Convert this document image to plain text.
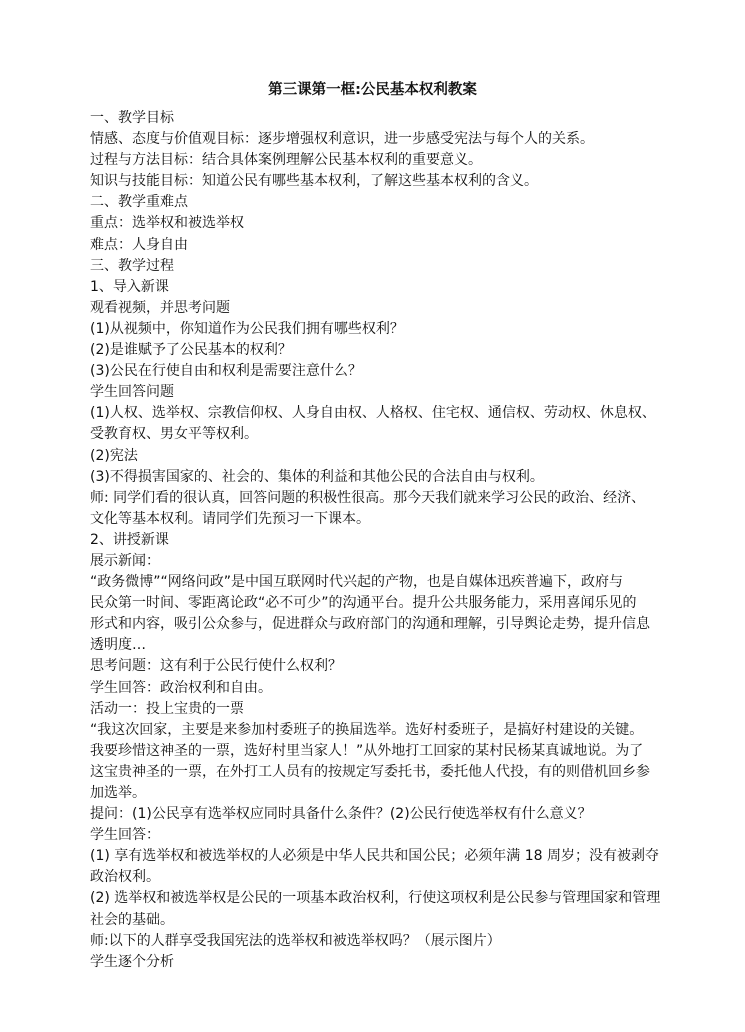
第三课第一框:公民基本权利教案
一、教学目标
情感、态度与价值观目标：逐步增强权利意识，进一步感受宪法与每个人的关系。
过程与方法目标：结合具体案例理解公民基本权利的重要意义。
知识与技能目标：知道公民有哪些基本权利，了解这些基本权利的含义。
二、教学重难点
重点：选举权和被选举权
难点：人身自由
三、教学过程
1、导入新课
观看视频，并思考问题
(1)从视频中，你知道作为公民我们拥有哪些权利？
(2)是谁赋予了公民基本的权利？
(3)公民在行使自由和权利是需要注意什么？
学生回答问题
(1)人权、选举权、宗教信仰权、人身自由权、人格权、住宅权、通信权、劳动权、休息权、
受教育权、男女平等权利。
(2)宪法
(3)不得损害国家的、社会的、集体的利益和其他公民的合法自由与权利。
师: 同学们看的很认真，回答问题的积极性很高。那今天我们就来学习公民的政治、经济、
文化等基本权利。请同学们先预习一下课本。
2、讲授新课
展示新闻：
“政务微博”“网络问政”是中国互联网时代兴起的产物，也是自媒体迅疾普遍下，政府与
民众第一时间、零距离论政“必不可少”的沟通平台。提升公共服务能力，采用喜闻乐见的
形式和内容，吸引公众参与，促进群众与政府部门的沟通和理解，引导舆论走势，提升信息
透明度…
思考问题：这有利于公民行使什么权利？
学生回答：政治权利和自由。
活动一：投上宝贵的一票
“我这次回家，主要是来参加村委班子的换届选举。选好村委班子，是搞好村建设的关键。
我要珍惜这神圣的一票，选好村里当家人！”从外地打工回家的某村民杨某真诚地说。为了
这宝贵神圣的一票，在外打工人员有的按规定写委托书，委托他人代投，有的则借机回乡参
加选举。
提问：(1)公民享有选举权应同时具备什么条件？(2)公民行使选举权有什么意义？
学生回答：
(1) 享有选举权和被选举权的人必须是中华人民共和国公民；必须年满 18 周岁；没有被剥夺
政治权利。
(2) 选举权和被选举权是公民的一项基本政治权利，行使这项权利是公民参与管理国家和管理
社会的基础。
师:以下的人群享受我国宪法的选举权和被选举权吗？（展示图片）
学生逐个分析
